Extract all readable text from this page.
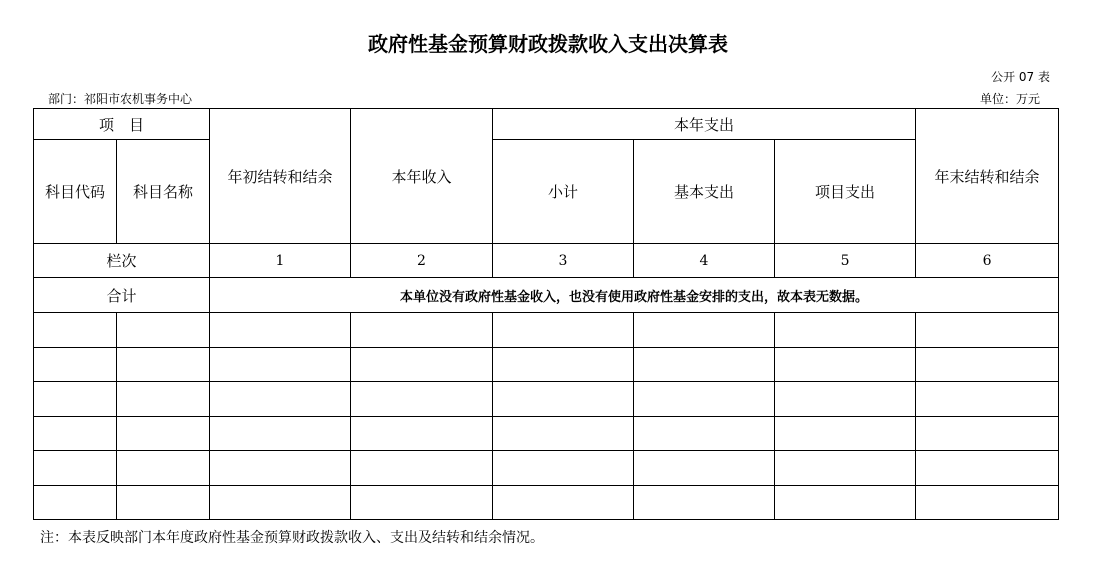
政府性基金预算财政拨款收入支出决算表
公开 07 表
部门：祁阳市农机事务中心	单位：万元
项　目		年初结转和结余	本年收入	本年支出			年末结转和结余
科目代码	科目名称			小计	基本支出	项目支出	
栏次		1	2	3	4	5	6
合计		本单位没有政府性基金收入，也没有使用政府性基金安排的支出，故本表无数据。					

注：本表反映部门本年度政府性基金预算财政拨款收入、支出及结转和结余情况。
